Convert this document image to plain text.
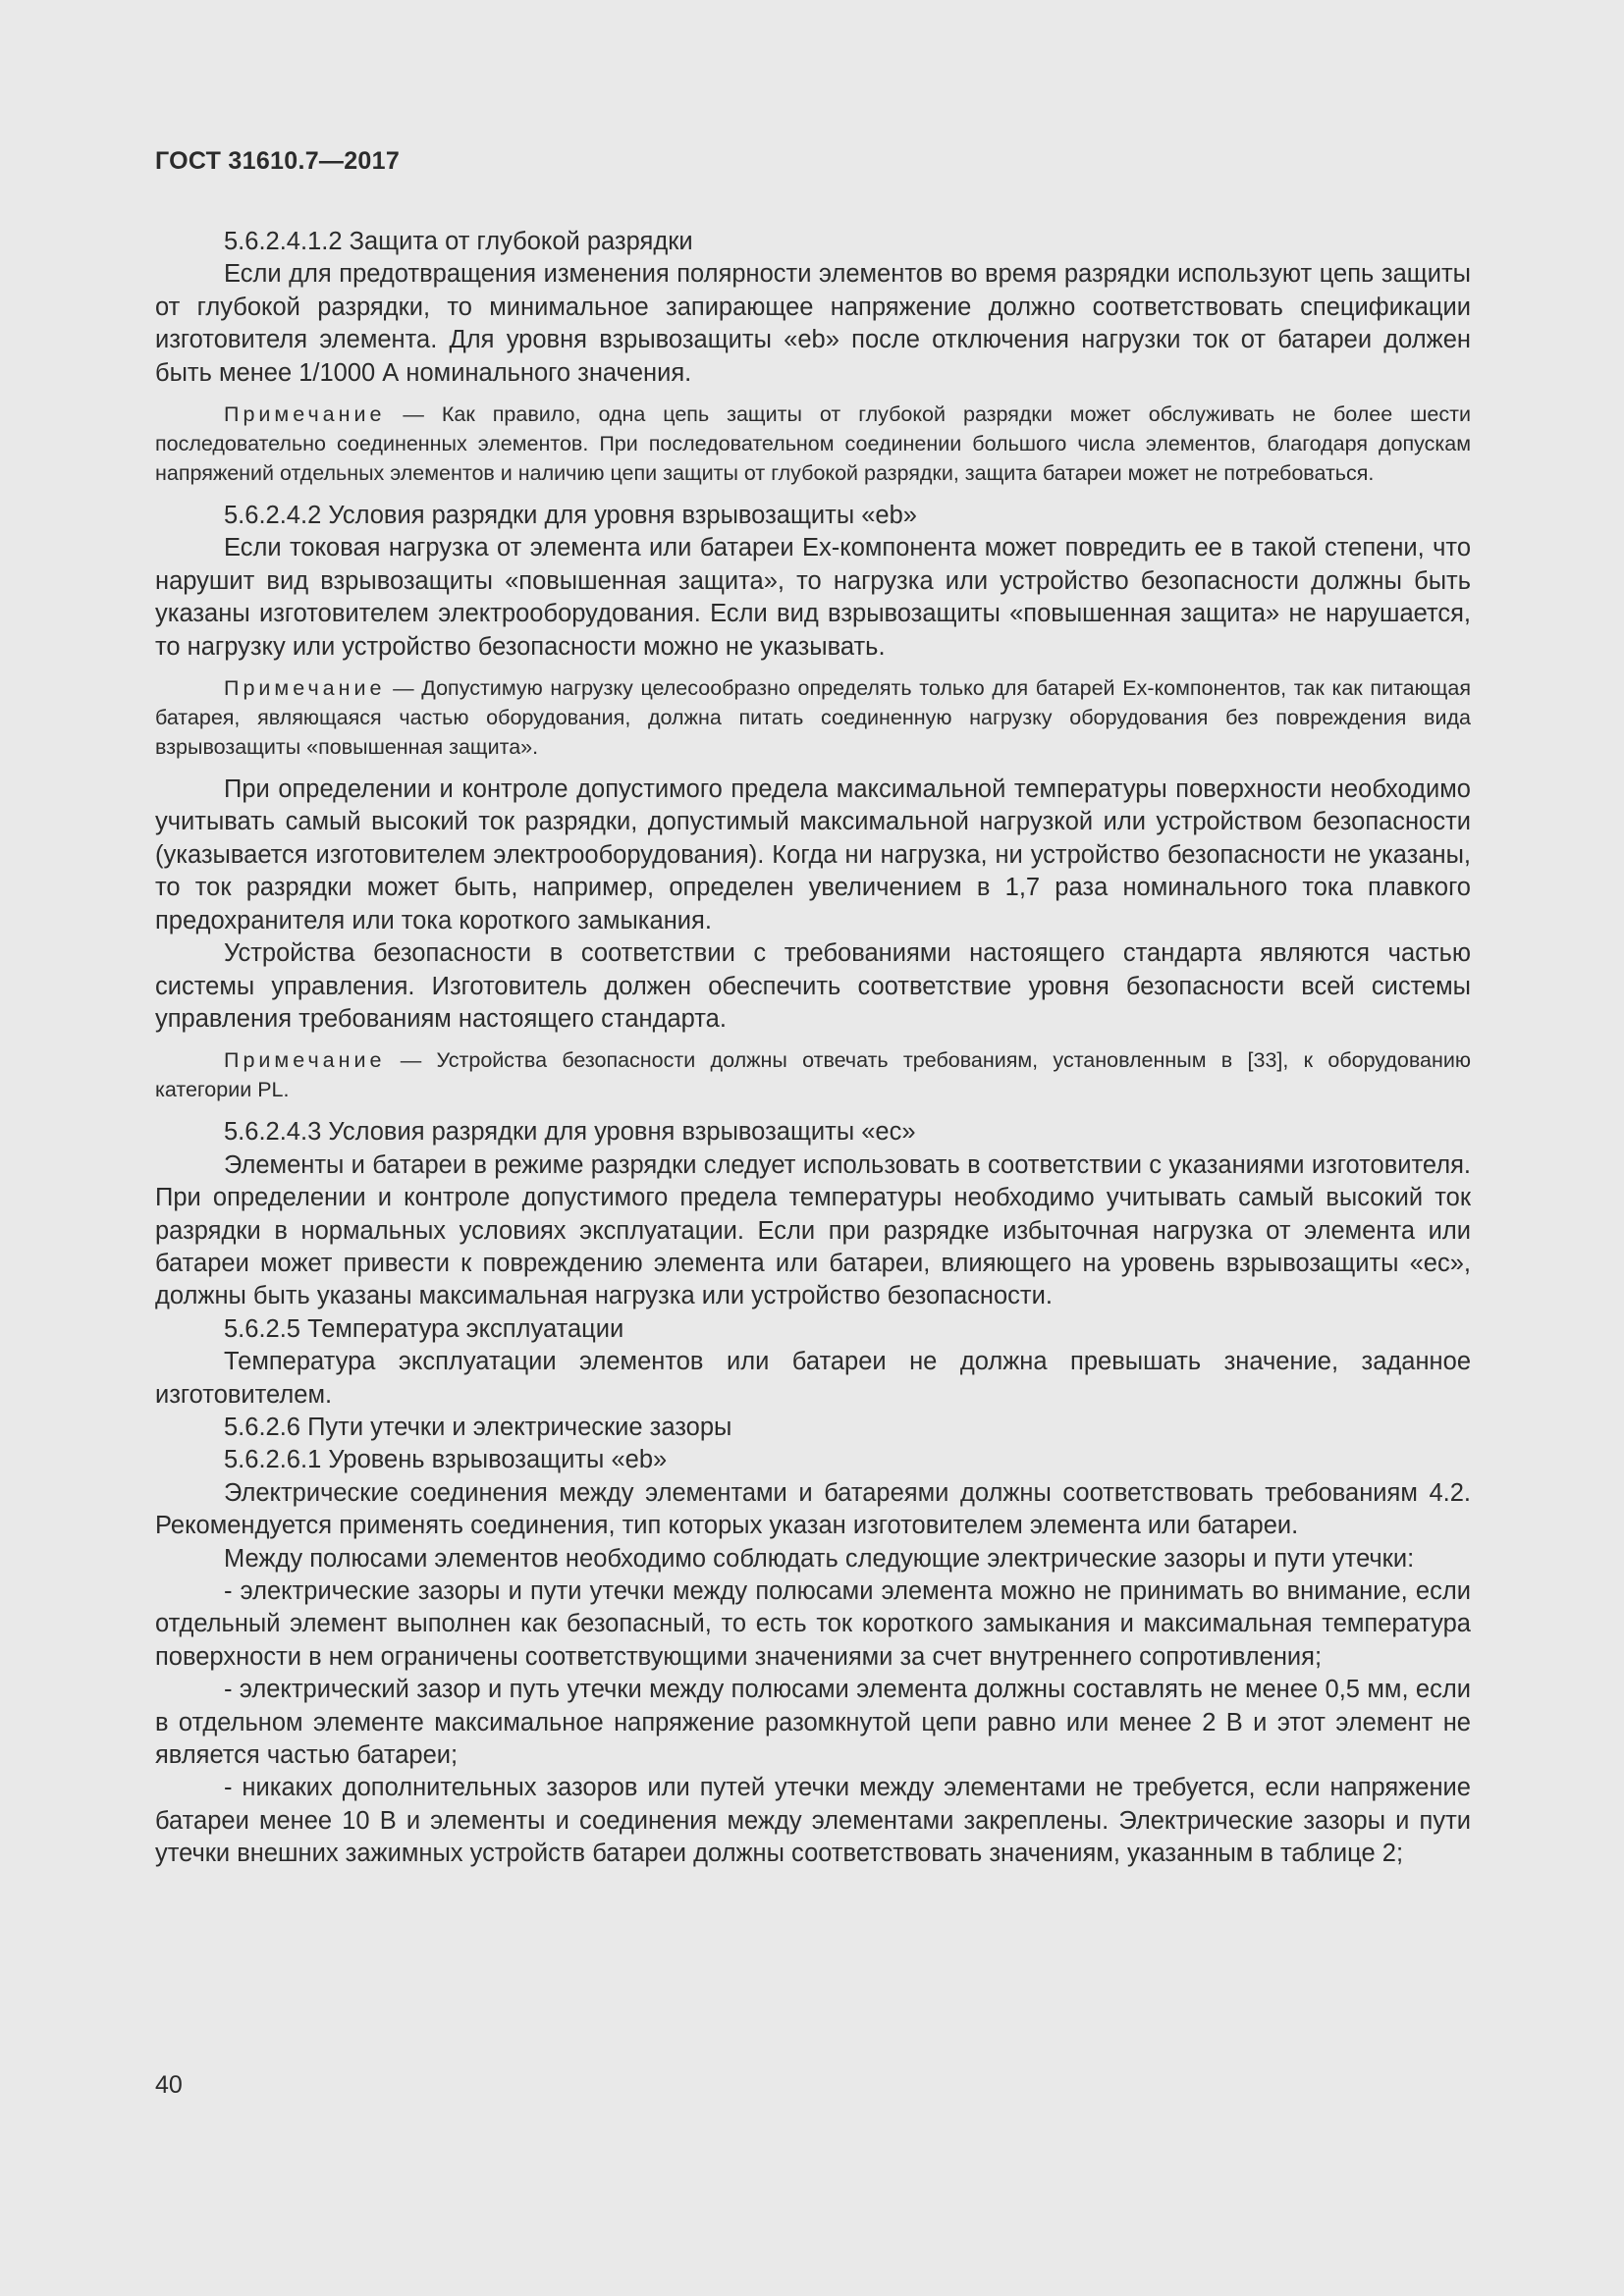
ГОСТ 31610.7—2017

5.6.2.4.1.2 Защита от глубокой разрядки

Если для предотвращения изменения полярности элементов во время разрядки используют цепь защиты от глубокой разрядки, то минимальное запирающее напряжение должно соответствовать спецификации изготовителя элемента. Для уровня взрывозащиты «eb» после отключения нагрузки ток от батареи должен быть менее 1/1000 А номинального значения.

Примечание — Как правило, одна цепь защиты от глубокой разрядки может обслуживать не более шести последовательно соединенных элементов. При последовательном соединении большого числа элементов, благодаря допускам напряжений отдельных элементов и наличию цепи защиты от глубокой разрядки, защита батареи может не потребоваться.

5.6.2.4.2 Условия разрядки для уровня взрывозащиты «eb»

Если токовая нагрузка от элемента или батареи Ех-компонента может повредить ее в такой степени, что нарушит вид взрывозащиты «повышенная защита», то нагрузка или устройство безопасности должны быть указаны изготовителем электрооборудования. Если вид взрывозащиты «повышенная защита» не нарушается, то нагрузку или устройство безопасности можно не указывать.

Примечание — Допустимую нагрузку целесообразно определять только для батарей Ех-компонентов, так как питающая батарея, являющаяся частью оборудования, должна питать соединенную нагрузку оборудования без повреждения вида взрывозащиты «повышенная защита».

При определении и контроле допустимого предела максимальной температуры поверхности необходимо учитывать самый высокий ток разрядки, допустимый максимальной нагрузкой или устройством безопасности (указывается изготовителем электрооборудования). Когда ни нагрузка, ни устройство безопасности не указаны, то ток разрядки может быть, например, определен увеличением в 1,7 раза номинального тока плавкого предохранителя или тока короткого замыкания.

Устройства безопасности в соответствии с требованиями настоящего стандарта являются частью системы управления. Изготовитель должен обеспечить соответствие уровня безопасности всей системы управления требованиям настоящего стандарта.

Примечание — Устройства безопасности должны отвечать требованиям, установленным в [33], к оборудованию категории PL.

5.6.2.4.3 Условия разрядки для уровня взрывозащиты «ec»

Элементы и батареи в режиме разрядки следует использовать в соответствии с указаниями изготовителя. При определении и контроле допустимого предела температуры необходимо учитывать самый высокий ток разрядки в нормальных условиях эксплуатации. Если при разрядке избыточная нагрузка от элемента или батареи может привести к повреждению элемента или батареи, влияющего на уровень взрывозащиты «ec», должны быть указаны максимальная нагрузка или устройство безопасности.

5.6.2.5 Температура эксплуатации

Температура эксплуатации элементов или батареи не должна превышать значение, заданное изготовителем.

5.6.2.6 Пути утечки и электрические зазоры

5.6.2.6.1 Уровень взрывозащиты «eb»

Электрические соединения между элементами и батареями должны соответствовать требованиям 4.2. Рекомендуется применять соединения, тип которых указан изготовителем элемента или батареи.

Между полюсами элементов необходимо соблюдать следующие электрические зазоры и пути утечки:

- электрические зазоры и пути утечки между полюсами элемента можно не принимать во внимание, если отдельный элемент выполнен как безопасный, то есть ток короткого замыкания и максимальная температура поверхности в нем ограничены соответствующими значениями за счет внутреннего сопротивления;

- электрический зазор и путь утечки между полюсами элемента должны составлять не менее 0,5 мм, если в отдельном элементе максимальное напряжение разомкнутой цепи равно или менее 2 В и этот элемент не является частью батареи;

- никаких дополнительных зазоров или путей утечки между элементами не требуется, если напряжение батареи менее 10 В и элементы и соединения между элементами закреплены. Электрические зазоры и пути утечки внешних зажимных устройств батареи должны соответствовать значениям, указанным в таблице 2;

40
